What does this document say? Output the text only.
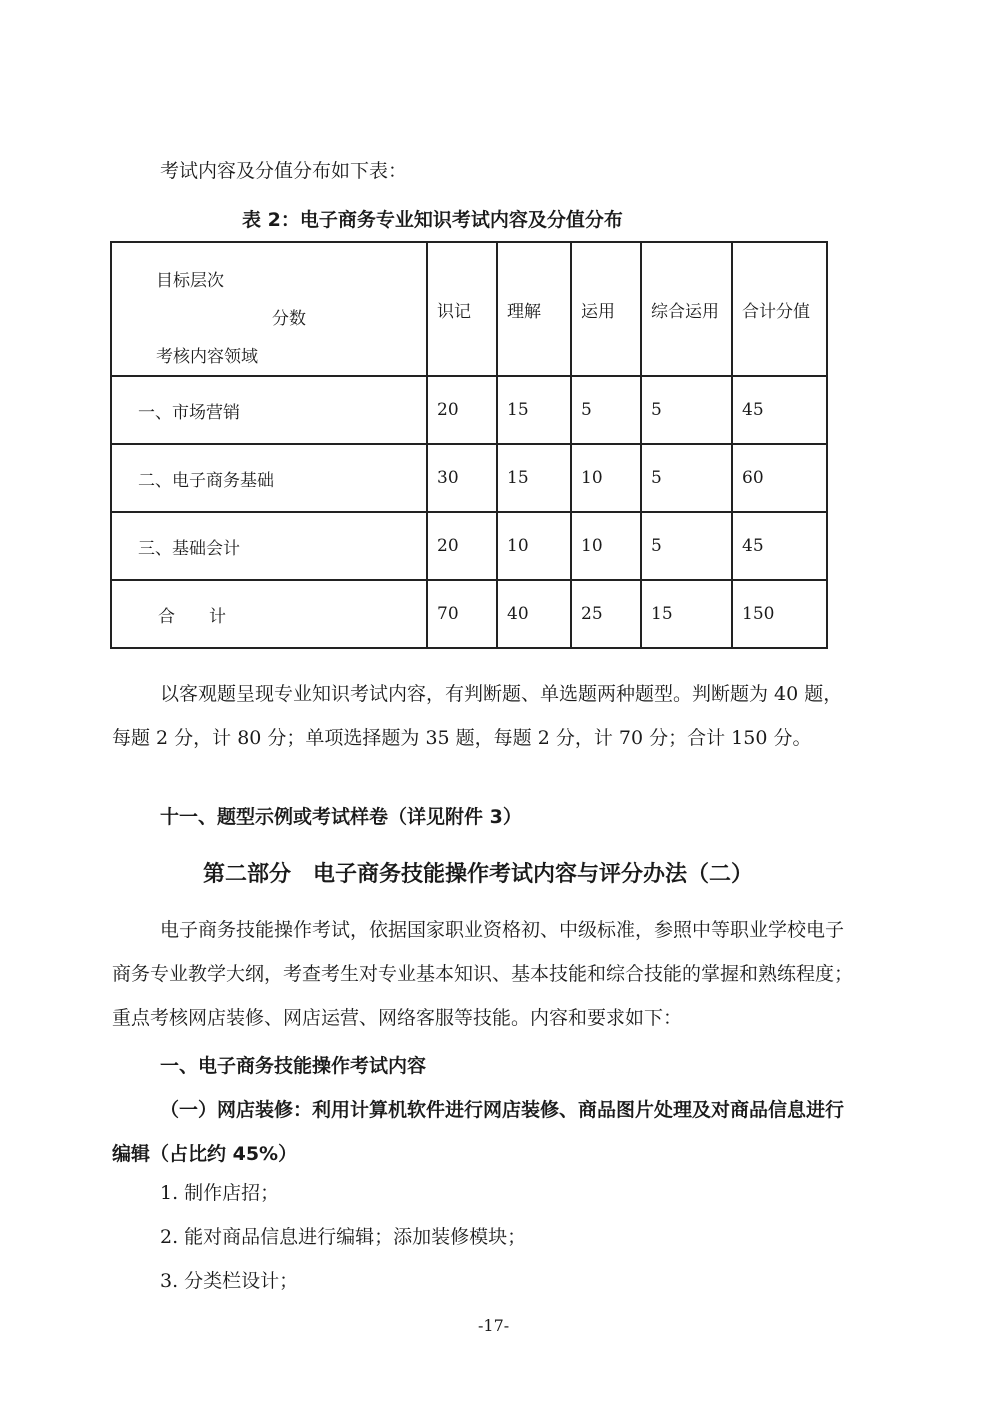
考试内容及分值分布如下表：
表 2：电子商务专业知识考试内容及分值分布
目标层次
分数
考核内容领域	识记	理解	运用	综合运用	合计分值
一、市场营销	20	15	5	5	45
二、电子商务基础	30	15	10	5	60
三、基础会计	20	10	10	5	45
合　　计	70	40	25	15	150
以客观题呈现专业知识考试内容，有判断题、单选题两种题型。判断题为 40 题，
每题 2 分，计 80 分；单项选择题为 35 题，每题 2 分，计 70 分；合计 150 分。
十一、题型示例或考试样卷（详见附件 3）
第二部分　电子商务技能操作考试内容与评分办法（二）
电子商务技能操作考试，依据国家职业资格初、中级标准，参照中等职业学校电子
商务专业教学大纲，考查考生对专业基本知识、基本技能和综合技能的掌握和熟练程度；
重点考核网店装修、网店运营、网络客服等技能。内容和要求如下：
一、电子商务技能操作考试内容
（一）网店装修：利用计算机软件进行网店装修、商品图片处理及对商品信息进行
编辑（占比约 45%）
1. 制作店招；
2. 能对商品信息进行编辑；添加装修模块；
3. 分类栏设计；
-17-
